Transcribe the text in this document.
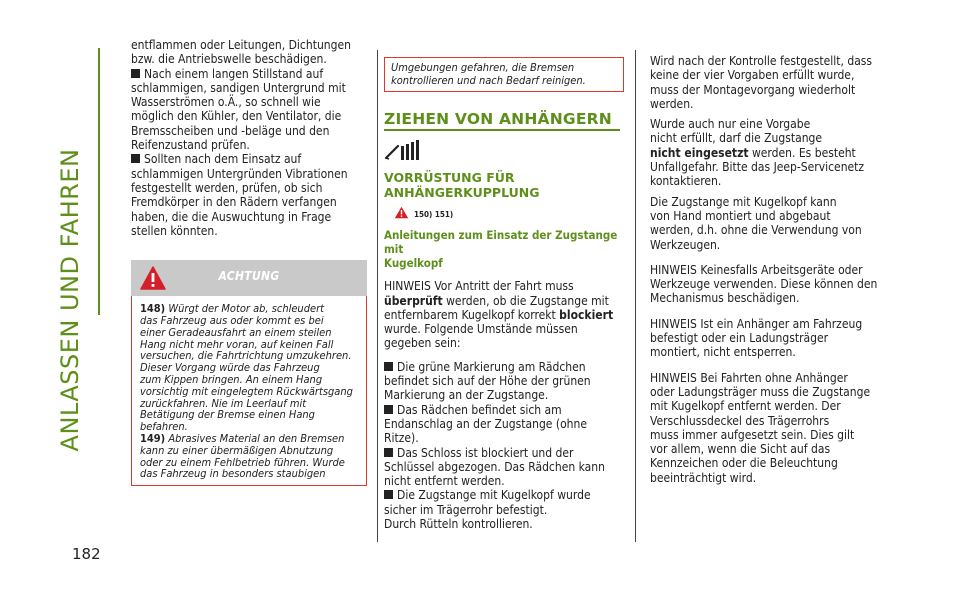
ANLASSEN UND FAHREN
182

entflammen oder Leitungen, Dichtungen
bzw. die Antriebswelle beschädigen.

Nach einem langen Stillstand auf
schlammigen, sandigen Untergrund mit
Wasserströmen o.Ä., so schnell wie
möglich den Kühler, den Ventilator, die
Bremsscheiben und -beläge und den
Reifenzustand prüfen.

Sollten nach dem Einsatz auf
schlammigen Untergründen Vibrationen
festgestellt werden, prüfen, ob sich
Fremdkörper in den Rädern verfangen
haben, die die Auswuchtung in Frage
stellen könnten.

ACHTUNG
148) Würgt der Motor ab, schleudert
das Fahrzeug aus oder kommt es bei
einer Geradeausfahrt an einem steilen
Hang nicht mehr voran, auf keinen Fall
versuchen, die Fahrtrichtung umzukehren.
Dieser Vorgang würde das Fahrzeug
zum Kippen bringen. An einem Hang
vorsichtig mit eingelegtem Rückwärtsgang
zurückfahren. Nie im Leerlauf mit
Betätigung der Bremse einen Hang
befahren.
149) Abrasives Material an den Bremsen
kann zu einer übermäßigen Abnutzung
oder zu einem Fehlbetrieb führen. Wurde
das Fahrzeug in besonders staubigen
Umgebungen gefahren, die Bremsen
kontrollieren und nach Bedarf reinigen.
ZIEHEN VON ANHÄNGERN
VORRÜSTUNG FÜR
ANHÄNGERKUPPLUNG
150) 151)
Anleitungen zum Einsatz der Zugstange mit
Kugelkopf

HINWEIS Vor Antritt der Fahrt muss
überprüft werden, ob die Zugstange mit
entfernbarem Kugelkopf korrekt blockiert
wurde. Folgende Umstände müssen
gegeben sein:

Die grüne Markierung am Rädchen
befindet sich auf der Höhe der grünen
Markierung an der Zugstange.

Das Rädchen befindet sich am
Endanschlag an der Zugstange (ohne
Ritze).

Das Schloss ist blockiert und der
Schlüssel abgezogen. Das Rädchen kann
nicht entfernt werden.

Die Zugstange mit Kugelkopf wurde
sicher im Trägerrohr befestigt.
Durch Rütteln kontrollieren.

Wird nach der Kontrolle festgestellt, dass
keine der vier Vorgaben erfüllt wurde,
muss der Montagevorgang wiederholt
werden.

Wurde auch nur eine Vorgabe
nicht erfüllt, darf die Zugstange
nicht eingesetzt werden. Es besteht
Unfallgefahr. Bitte das Jeep-Servicenetz
kontaktieren.

Die Zugstange mit Kugelkopf kann
von Hand montiert und abgebaut
werden, d.h. ohne die Verwendung von
Werkzeugen.

HINWEIS Keinesfalls Arbeitsgeräte oder
Werkzeuge verwenden. Diese können den
Mechanismus beschädigen.

HINWEIS Ist ein Anhänger am Fahrzeug
befestigt oder ein Ladungsträger
montiert, nicht entsperren.

HINWEIS Bei Fahrten ohne Anhänger
oder Ladungsträger muss die Zugstange
mit Kugelkopf entfernt werden. Der
Verschlussdeckel des Trägerrohrs
muss immer aufgesetzt sein. Dies gilt
vor allem, wenn die Sicht auf das
Kennzeichen oder die Beleuchtung
beeinträchtigt wird.
